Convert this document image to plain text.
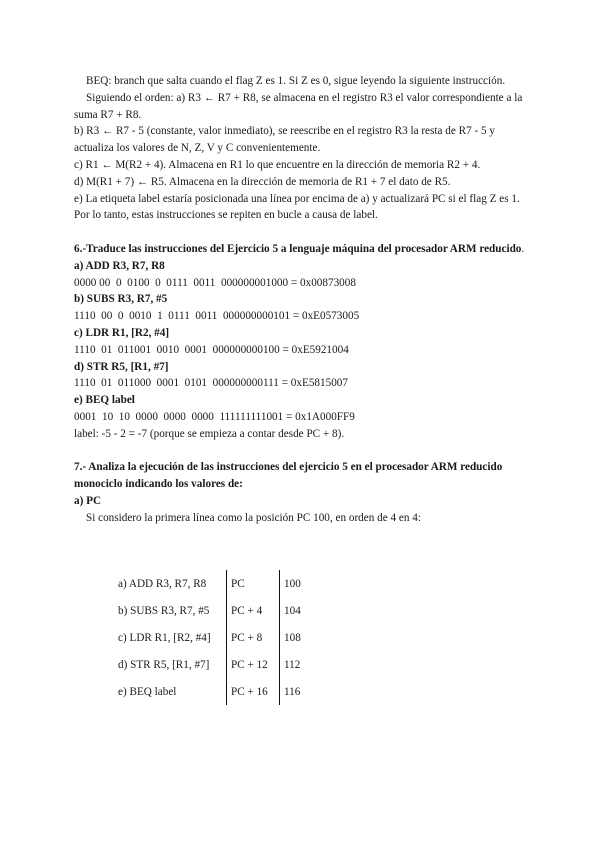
BEQ: branch que salta cuando el flag Z es 1. Si Z es 0, sigue leyendo la siguiente instrucción.

Siguiendo el orden: a) R3 ← R7 + R8, se almacena en el registro R3 el valor correspondiente a la suma R7 + R8.

b) R3 ← R7 - 5 (constante, valor inmediato), se reescribe en el registro R3 la resta de R7 - 5 y actualiza los valores de N, Z, V y C convenientemente.

c) R1 ← M(R2 + 4). Almacena en R1 lo que encuentre en la dirección de memoria R2 + 4.

d) M(R1 + 7) ← R5. Almacena en la dirección de memoria de R1 + 7 el dato de R5.

e) La etiqueta label estaría posicionada una línea por encima de a) y actualizará PC si el flag Z es 1. Por lo tanto, estas instrucciones se repiten en bucle a causa de label.

6.-Traduce las instrucciones del Ejercicio 5 a lenguaje máquina del procesador ARM reducido.

a) ADD R3, R7, R8

0000 00  0  0100  0  0111  0011  000000001000 = 0x00873008

b) SUBS R3, R7, #5

1110  00  0  0010  1  0111  0011  000000000101 = 0xE0573005

c) LDR R1, [R2, #4]

1110  01  011001  0010  0001  000000000100 = 0xE5921004

d) STR R5, [R1, #7]

1110  01  011000  0001  0101  000000000111 = 0xE5815007

e) BEQ label

0001  10  10  0000  0000  0000  111111111001 = 0x1A000FF9

label: -5 - 2 = -7 (porque se empieza a contar desde PC + 8).

7.- Analiza la ejecución de las instrucciones del ejercicio 5 en el procesador ARM reducido monociclo indicando los valores de:

a) PC

Si considero la primera línea como la posición PC 100, en orden de 4 en 4:

a) ADD R3, R7, R8	PC	100
b) SUBS R3, R7, #5	PC + 4	104
c) LDR R1, [R2, #4]	PC + 8	108
d) STR R5, [R1, #7]	PC + 12	112
e) BEQ label	PC + 16	116
